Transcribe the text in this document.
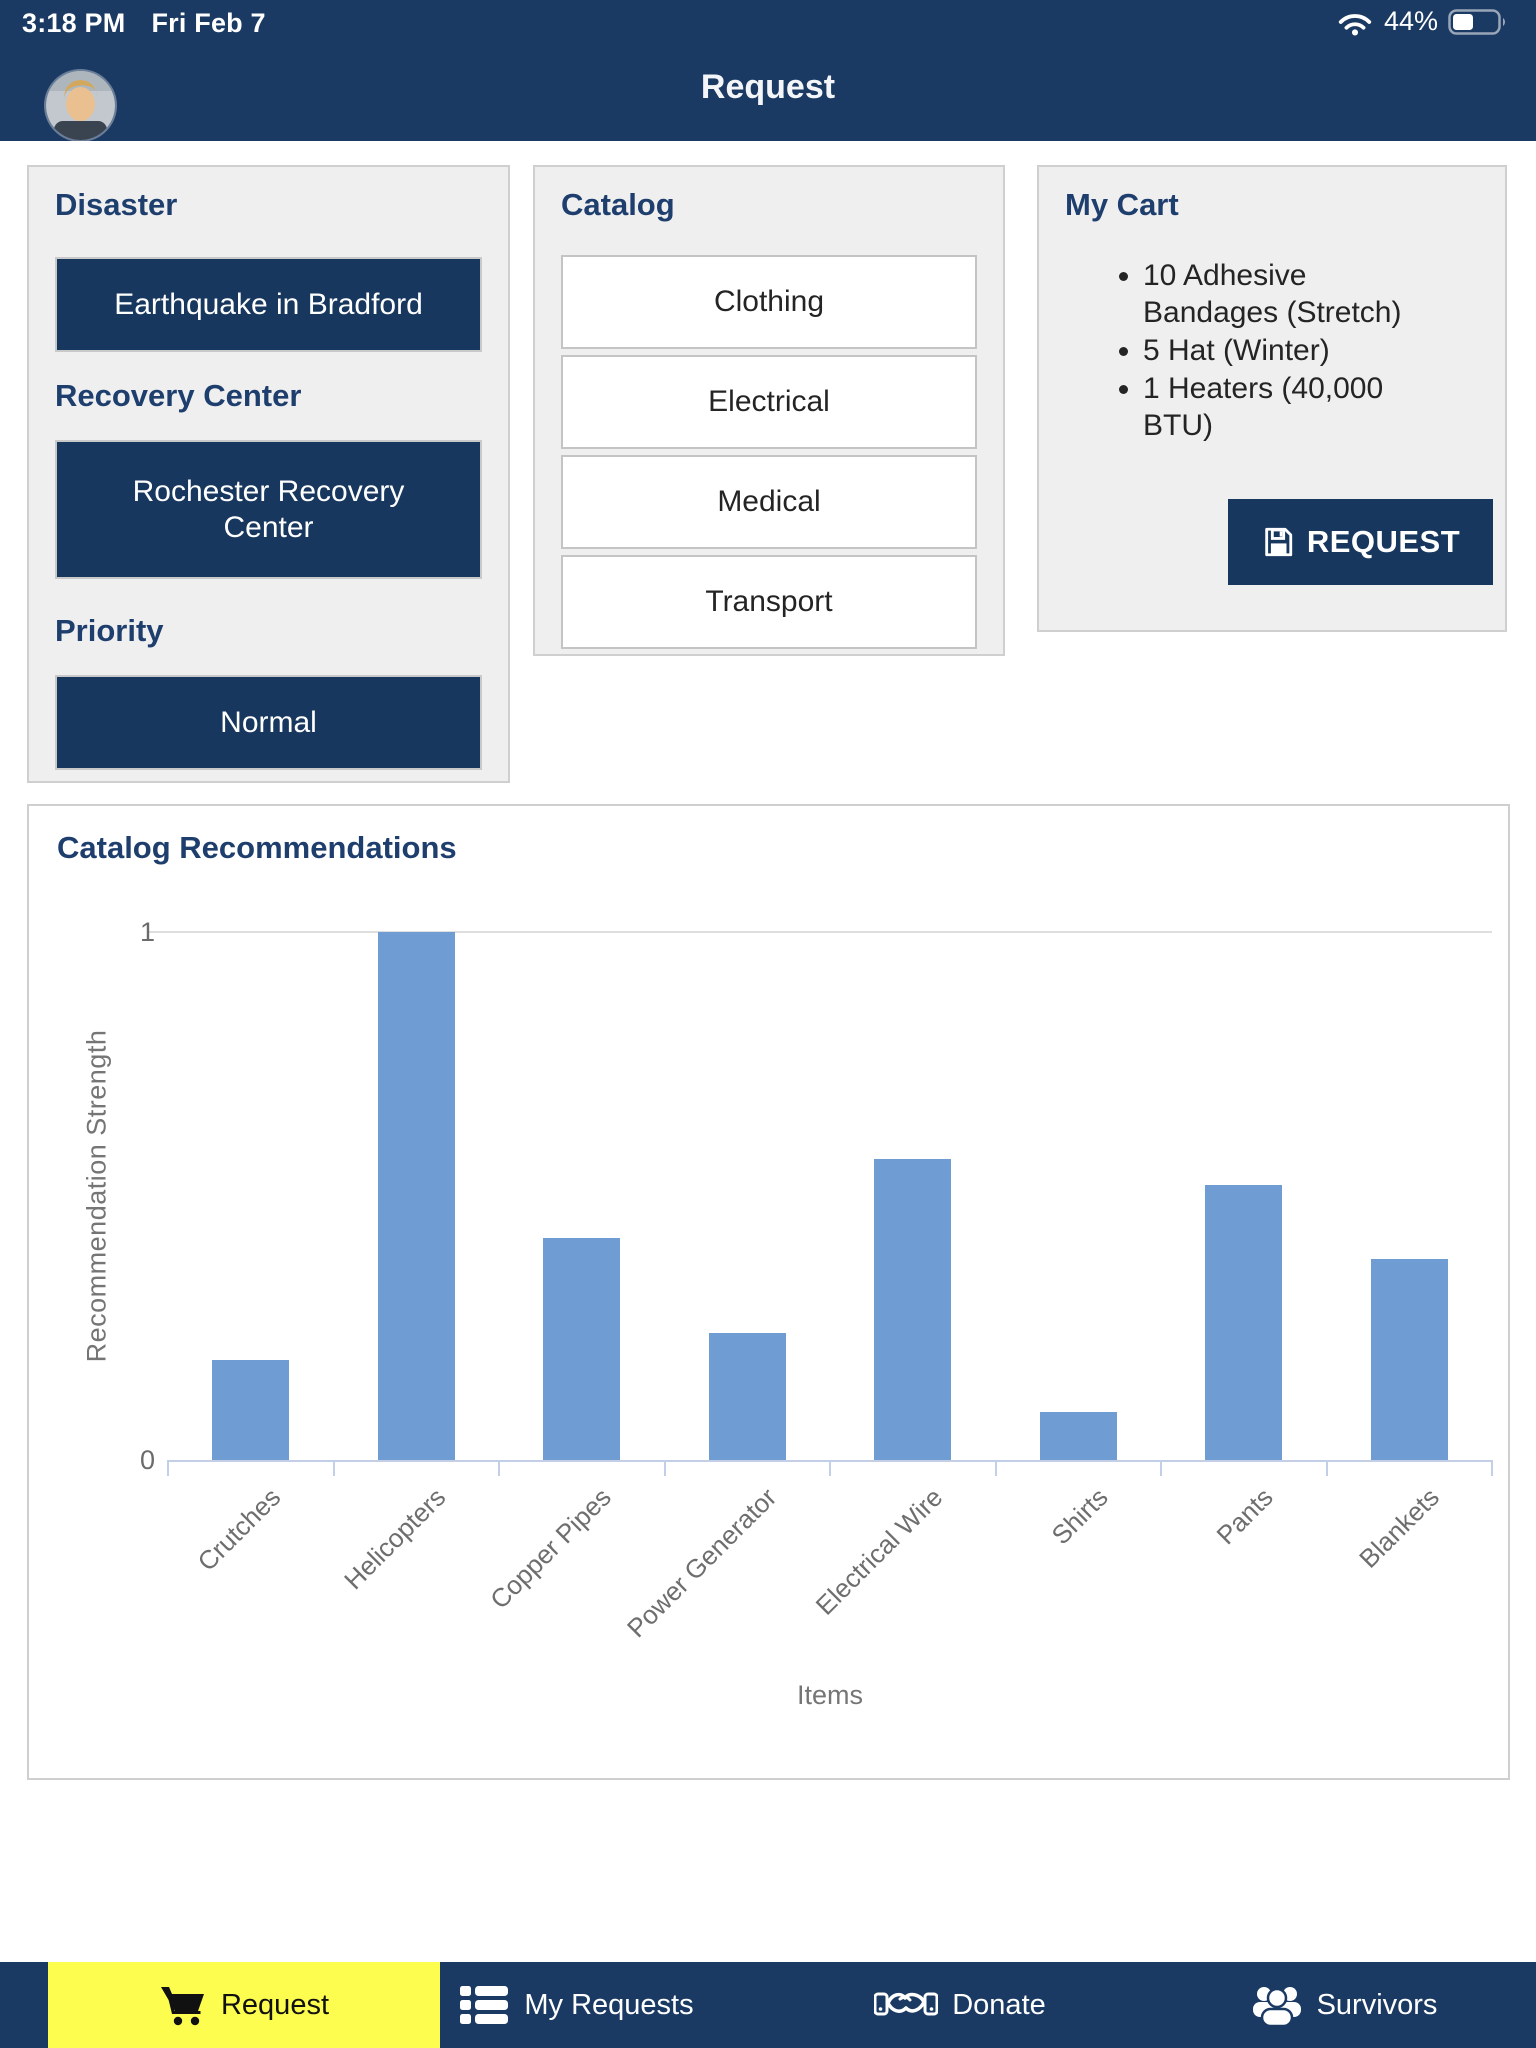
3:18 PM Fri Feb 7	44%
Request
Disaster
Earthquake in Bradford
Recovery Center
Rochester Recovery Center
Priority
Normal
Catalog
Clothing
Electrical
Medical
Transport
My Cart
• 10 Adhesive Bandages (Stretch)
• 5 Hat (Winter)
• 1 Heaters (40,000 BTU)
REQUEST
Catalog Recommendations
Recommendation Strength
Crutches Helicopters Copper Pipes Power Generator Electrical Wire	Shirts	Pants	Blankets
Items
0
1
Request	My Requests	Donate	Survivors
